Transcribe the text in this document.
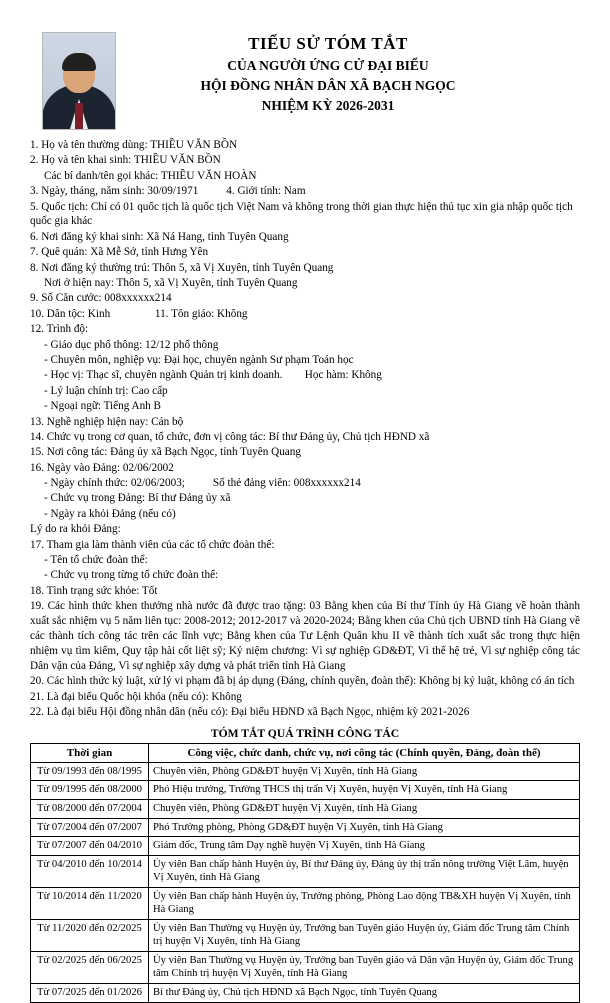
TIỂU SỬ TÓM TẮT
CỦA NGƯỜI ỨNG CỬ ĐẠI BIỂU
HỘI ĐỒNG NHÂN DÂN XÃ BẠCH NGỌC
NHIỆM KỲ 2026-2031

1. Họ và tên thường dùng: THIỀU VĂN BỒN

2. Họ và tên khai sinh: THIỀU VĂN BỒN

Các bí danh/tên gọi khác: THIỀU VĂN HOÀN

3. Ngày, tháng, năm sinh: 30/09/1971          4. Giới tính: Nam

5. Quốc tịch: Chỉ có 01 quốc tịch là quốc tịch Việt Nam và không trong thời gian thực hiện thủ tục xin gia nhập quốc tịch quốc gia khác

6. Nơi đăng ký khai sinh: Xã Ná Hang, tỉnh Tuyên Quang

7. Quê quán: Xã Mễ Sở, tỉnh Hưng Yên

8. Nơi đăng ký thường trú: Thôn 5, xã Vị Xuyên, tỉnh Tuyên Quang

Nơi ở hiện nay: Thôn 5, xã Vị Xuyên, tỉnh Tuyên Quang

9. Số Căn cước: 008xxxxxx214

10. Dân tộc: Kinh                11. Tôn giáo: Không

12. Trình độ:

- Giáo dục phổ thông: 12/12 phổ thông

- Chuyên môn, nghiệp vụ: Đại học, chuyên ngành Sư phạm Toán học

- Học vị: Thạc sĩ, chuyên ngành Quản trị kinh doanh.        Học hàm: Không

- Lý luận chính trị: Cao cấp

- Ngoại ngữ: Tiếng Anh B

13. Nghề nghiệp hiện nay: Cán bộ

14. Chức vụ trong cơ quan, tổ chức, đơn vị công tác: Bí thư Đảng ủy, Chủ tịch HĐND xã

15. Nơi công tác: Đảng ủy xã Bạch Ngọc, tỉnh Tuyên Quang

16. Ngày vào Đảng: 02/06/2002

- Ngày chính thức: 02/06/2003;          Số thẻ đảng viên: 008xxxxxx214

- Chức vụ trong Đảng: Bí thư Đảng ủy xã

- Ngày ra khỏi Đảng (nếu có)

Lý do ra khỏi Đảng:

17. Tham gia làm thành viên của các tổ chức đoàn thể:

- Tên tổ chức đoàn thể:

- Chức vụ trong từng tổ chức đoàn thể:

18. Tình trạng sức khỏe: Tốt

19. Các hình thức khen thưởng nhà nước đã được trao tặng: 03 Bằng khen của Bí thư Tỉnh ủy Hà Giang về hoàn thành xuất sắc nhiệm vụ 5 năm liên tục: 2008-2012; 2012-2017 và 2020-2024; Bằng khen của Chủ tịch UBND tỉnh Hà Giang về các thành tích công tác trên các lĩnh vực; Bằng khen của Tư Lệnh Quân khu II về thành tích xuất sắc trong thực hiện nhiệm vụ tìm kiếm, Quy tập hài cốt liệt sỹ; Kỷ niệm chương: Vì sự nghiệp GD&ĐT, Vì thế hệ trẻ, Vì sự nghiệp công tác Dân vận của Đảng, Vì sự nghiệp xây dựng và phát triển tỉnh Hà Giang

20. Các hình thức kỷ luật, xử lý vi phạm đã bị áp dụng (Đảng, chính quyền, đoàn thể): Không bị kỷ luật, không có án tích

21. Là đại biểu Quốc hội khóa (nếu có): Không

22. Là đại biểu Hội đồng nhân dân (nếu có): Đại biểu HĐND xã Bạch Ngọc, nhiệm kỳ 2021-2026

TÓM TẮT QUÁ TRÌNH CÔNG TÁC
Thời gian	Công việc, chức danh, chức vụ, nơi công tác (Chính quyền, Đảng, đoàn thể)
Từ 09/1993 đến 08/1995	Chuyên viên, Phòng GD&ĐT huyện Vị Xuyên, tỉnh Hà Giang
Từ 09/1995 đến 08/2000	Phó Hiệu trưởng, Trường THCS thị trấn Vị Xuyên, huyện Vị Xuyên, tỉnh Hà Giang
Từ 08/2000 đến 07/2004	Chuyên viên, Phòng GD&ĐT huyện Vị Xuyên, tỉnh Hà Giang
Từ 07/2004 đến 07/2007	Phó Trưởng phòng, Phòng GD&ĐT huyện Vị Xuyên, tỉnh Hà Giang
Từ 07/2007 đến 04/2010	Giám đốc, Trung tâm Dạy nghề huyện Vị Xuyên, tỉnh Hà Giang
Từ 04/2010 đến 10/2014	Ủy viên Ban chấp hành Huyện ủy, Bí thư Đảng ủy, Đảng ủy thị trấn nông trường Việt Lâm, huyện Vị Xuyên, tỉnh Hà Giang
Từ 10/2014 đến 11/2020	Ủy viên Ban chấp hành Huyện ủy, Trưởng phòng, Phòng Lao động TB&XH huyện Vị Xuyên, tỉnh Hà Giang
Từ 11/2020 đến 02/2025	Ủy viên Ban Thường vụ Huyện ủy, Trưởng ban Tuyên giáo Huyện ủy, Giám đốc Trung tâm Chính trị huyện Vị Xuyên, tỉnh Hà Giang
Từ 02/2025 đến 06/2025	Ủy viên Ban Thường vụ Huyện ủy, Trưởng ban Tuyên giáo và Dân vận Huyện ủy, Giám đốc Trung tâm Chính trị huyện Vị Xuyên, tỉnh Hà Giang
Từ 07/2025 đến 01/2026	Bí thư Đảng ủy, Chủ tịch HĐND xã Bạch Ngọc, tỉnh Tuyên Quang
